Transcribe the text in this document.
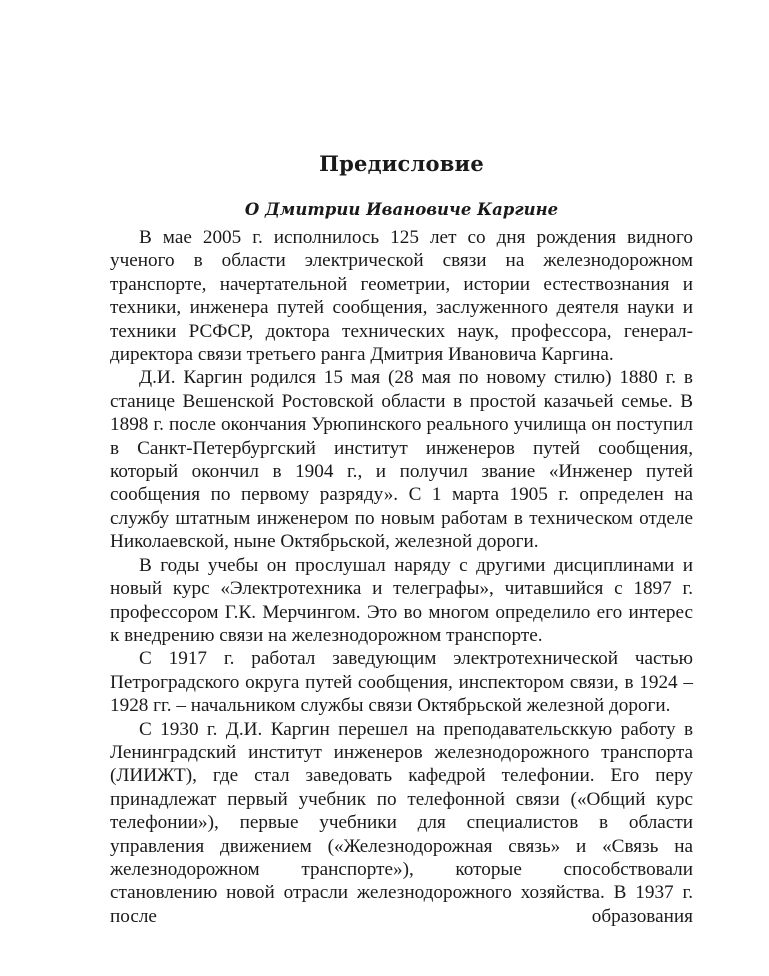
Предисловие
О Дмитрии Ивановиче Каргине

В мае 2005 г. исполнилось 125 лет со дня рождения видного ученого в области электрической связи на железнодорожном транспорте, начертательной геометрии, истории естествознания и техники, инженера путей сообщения, заслуженного деятеля науки и техники РСФСР, доктора технических наук, профессора, генерал-директора связи третьего ранга Дмитрия Ивановича Каргина.

Д.И. Каргин родился 15 мая (28 мая по новому стилю) 1880 г. в станице Вешенской Ростовской области в простой казачьей семье. В 1898 г. после окончания Урюпинского реального училища он поступил в Санкт-Петербургский институт инженеров путей сообщения, который окончил в 1904 г., и получил звание «Инженер путей сообщения по первому разряду». С 1 марта 1905 г. определен на службу штатным инженером по новым работам в техническом отделе Николаевской, ныне Октябрьской, железной дороги.

В годы учебы он прослушал наряду с другими дисциплинами и новый курс «Электротехника и телеграфы», читавшийся с 1897 г. профессором Г.К. Мерчингом. Это во многом определило его интерес к внедрению связи на железнодорожном транспорте.

С 1917 г. работал заведующим электротехнической частью Петроградского округа путей сообщения, инспектором связи, в 1924 – 1928 гг. – начальником службы связи Октябрьской железной дороги.

С 1930 г. Д.И. Каргин перешел на преподавательсккую работу в Ленинградский институт инженеров железнодорожного транспорта (ЛИИЖТ), где стал заведовать кафедрой телефонии. Его перу принадлежат первый учебник по телефонной связи («Общий курс телефонии»), первые учебники для специалистов в области управления движением («Железнодорожная связь» и «Связь на железнодорожном транспорте»), которые способствовали становлению новой отрасли железнодорожного хозяйства. В 1937 г. после образования
